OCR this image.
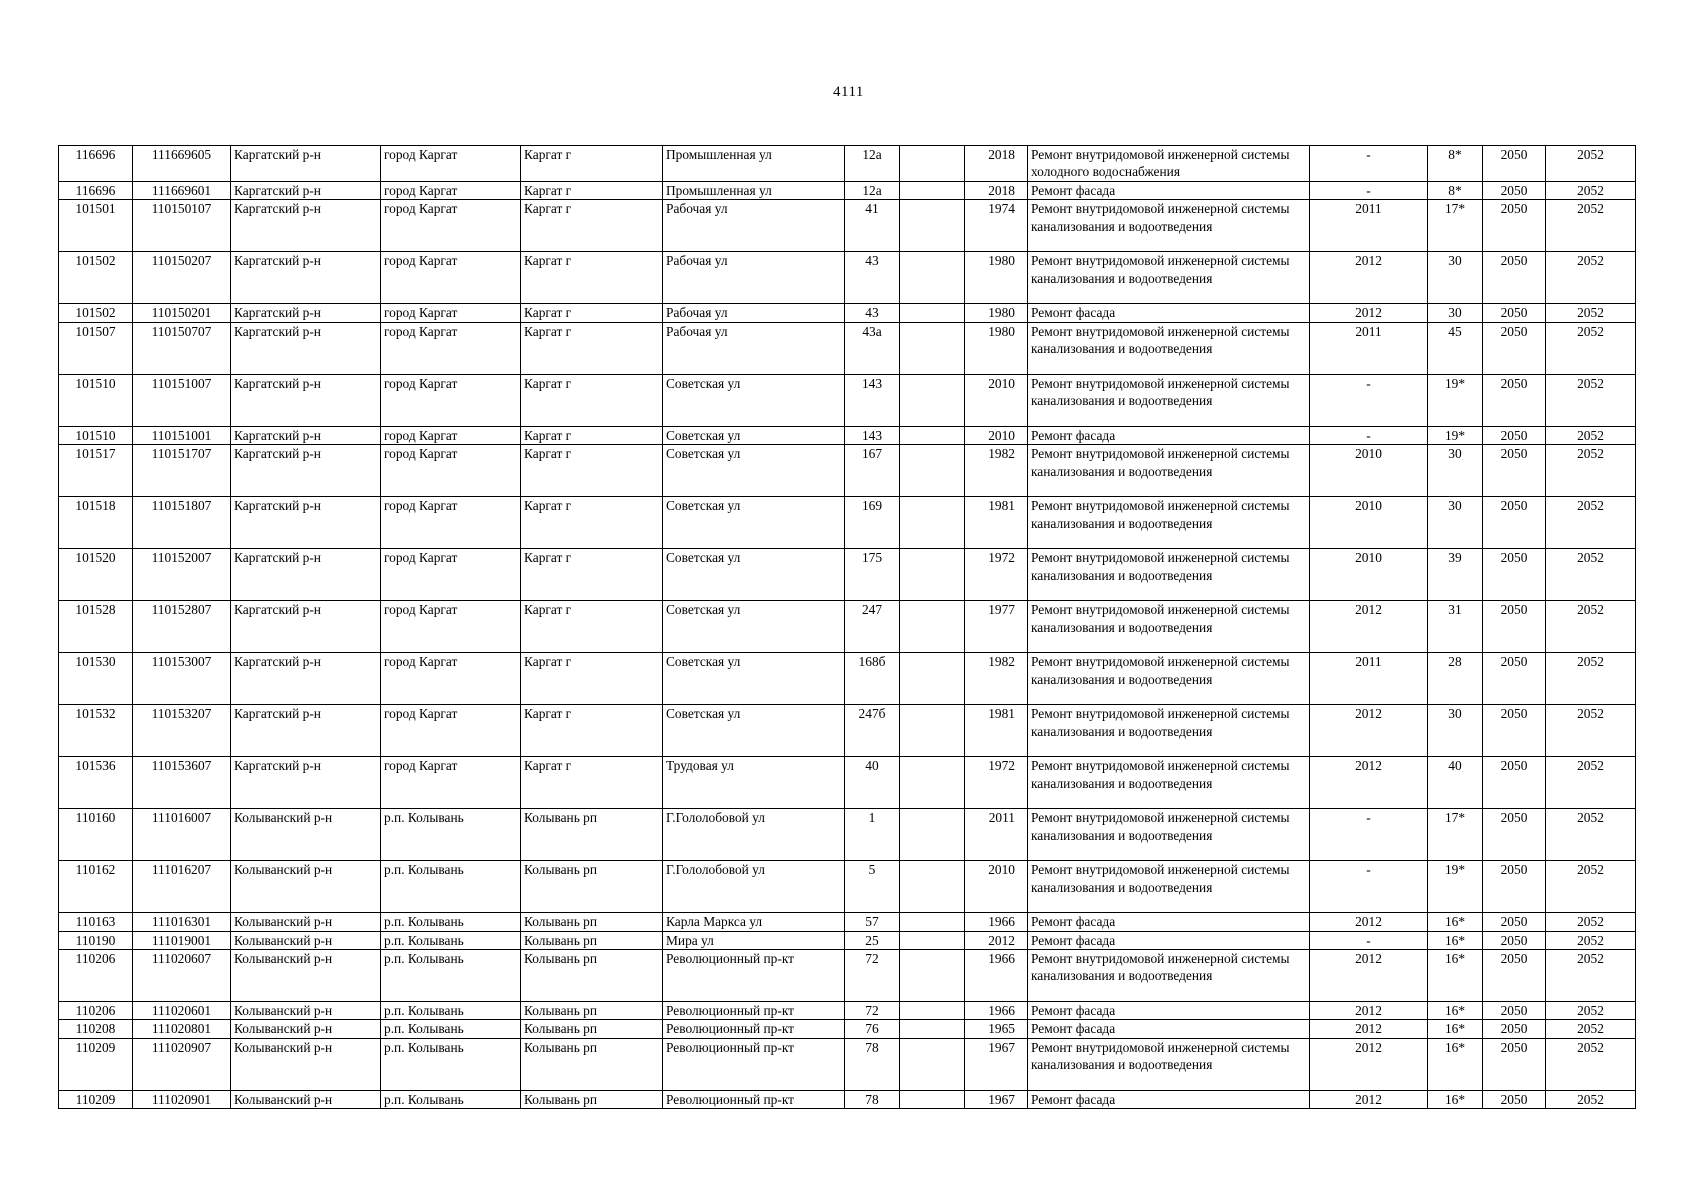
4111
116696	111669605	Каргатский р-н	город Каргат	Каргат г	Промышленная ул	12а		2018	Ремонт внутридомовой инженерной системы холодного водоснабжения	-	8*	2050	2052
116696	111669601	Каргатский р-н	город Каргат	Каргат г	Промышленная ул	12а		2018	Ремонт фасада	-	8*	2050	2052
101501	110150107	Каргатский р-н	город Каргат	Каргат г	Рабочая ул	41		1974	Ремонт внутридомовой инженерной системы канализования и водоотведения	2011	17*	2050	2052
101502	110150207	Каргатский р-н	город Каргат	Каргат г	Рабочая ул	43		1980	Ремонт внутридомовой инженерной системы канализования и водоотведения	2012	30	2050	2052
101502	110150201	Каргатский р-н	город Каргат	Каргат г	Рабочая ул	43		1980	Ремонт фасада	2012	30	2050	2052
101507	110150707	Каргатский р-н	город Каргат	Каргат г	Рабочая ул	43а		1980	Ремонт внутридомовой инженерной системы канализования и водоотведения	2011	45	2050	2052
101510	110151007	Каргатский р-н	город Каргат	Каргат г	Советская ул	143		2010	Ремонт внутридомовой инженерной системы канализования и водоотведения	-	19*	2050	2052
101510	110151001	Каргатский р-н	город Каргат	Каргат г	Советская ул	143		2010	Ремонт фасада	-	19*	2050	2052
101517	110151707	Каргатский р-н	город Каргат	Каргат г	Советская ул	167		1982	Ремонт внутридомовой инженерной системы канализования и водоотведения	2010	30	2050	2052
101518	110151807	Каргатский р-н	город Каргат	Каргат г	Советская ул	169		1981	Ремонт внутридомовой инженерной системы канализования и водоотведения	2010	30	2050	2052
101520	110152007	Каргатский р-н	город Каргат	Каргат г	Советская ул	175		1972	Ремонт внутридомовой инженерной системы канализования и водоотведения	2010	39	2050	2052
101528	110152807	Каргатский р-н	город Каргат	Каргат г	Советская ул	247		1977	Ремонт внутридомовой инженерной системы канализования и водоотведения	2012	31	2050	2052
101530	110153007	Каргатский р-н	город Каргат	Каргат г	Советская ул	168б		1982	Ремонт внутридомовой инженерной системы канализования и водоотведения	2011	28	2050	2052
101532	110153207	Каргатский р-н	город Каргат	Каргат г	Советская ул	247б		1981	Ремонт внутридомовой инженерной системы канализования и водоотведения	2012	30	2050	2052
101536	110153607	Каргатский р-н	город Каргат	Каргат г	Трудовая ул	40		1972	Ремонт внутридомовой инженерной системы канализования и водоотведения	2012	40	2050	2052
110160	111016007	Колыванский р-н	р.п. Колывань	Колывань рп	Г.Гололобовой ул	1		2011	Ремонт внутридомовой инженерной системы канализования и водоотведения	-	17*	2050	2052
110162	111016207	Колыванский р-н	р.п. Колывань	Колывань рп	Г.Гололобовой ул	5		2010	Ремонт внутридомовой инженерной системы канализования и водоотведения	-	19*	2050	2052
110163	111016301	Колыванский р-н	р.п. Колывань	Колывань рп	Карла Маркса ул	57		1966	Ремонт фасада	2012	16*	2050	2052
110190	111019001	Колыванский р-н	р.п. Колывань	Колывань рп	Мира ул	25		2012	Ремонт фасада	-	16*	2050	2052
110206	111020607	Колыванский р-н	р.п. Колывань	Колывань рп	Революционный пр-кт	72		1966	Ремонт внутридомовой инженерной системы канализования и водоотведения	2012	16*	2050	2052
110206	111020601	Колыванский р-н	р.п. Колывань	Колывань рп	Революционный пр-кт	72		1966	Ремонт фасада	2012	16*	2050	2052
110208	111020801	Колыванский р-н	р.п. Колывань	Колывань рп	Революционный пр-кт	76		1965	Ремонт фасада	2012	16*	2050	2052
110209	111020907	Колыванский р-н	р.п. Колывань	Колывань рп	Революционный пр-кт	78		1967	Ремонт внутридомовой инженерной системы канализования и водоотведения	2012	16*	2050	2052
110209	111020901	Колыванский р-н	р.п. Колывань	Колывань рп	Революционный пр-кт	78		1967	Ремонт фасада	2012	16*	2050	2052
